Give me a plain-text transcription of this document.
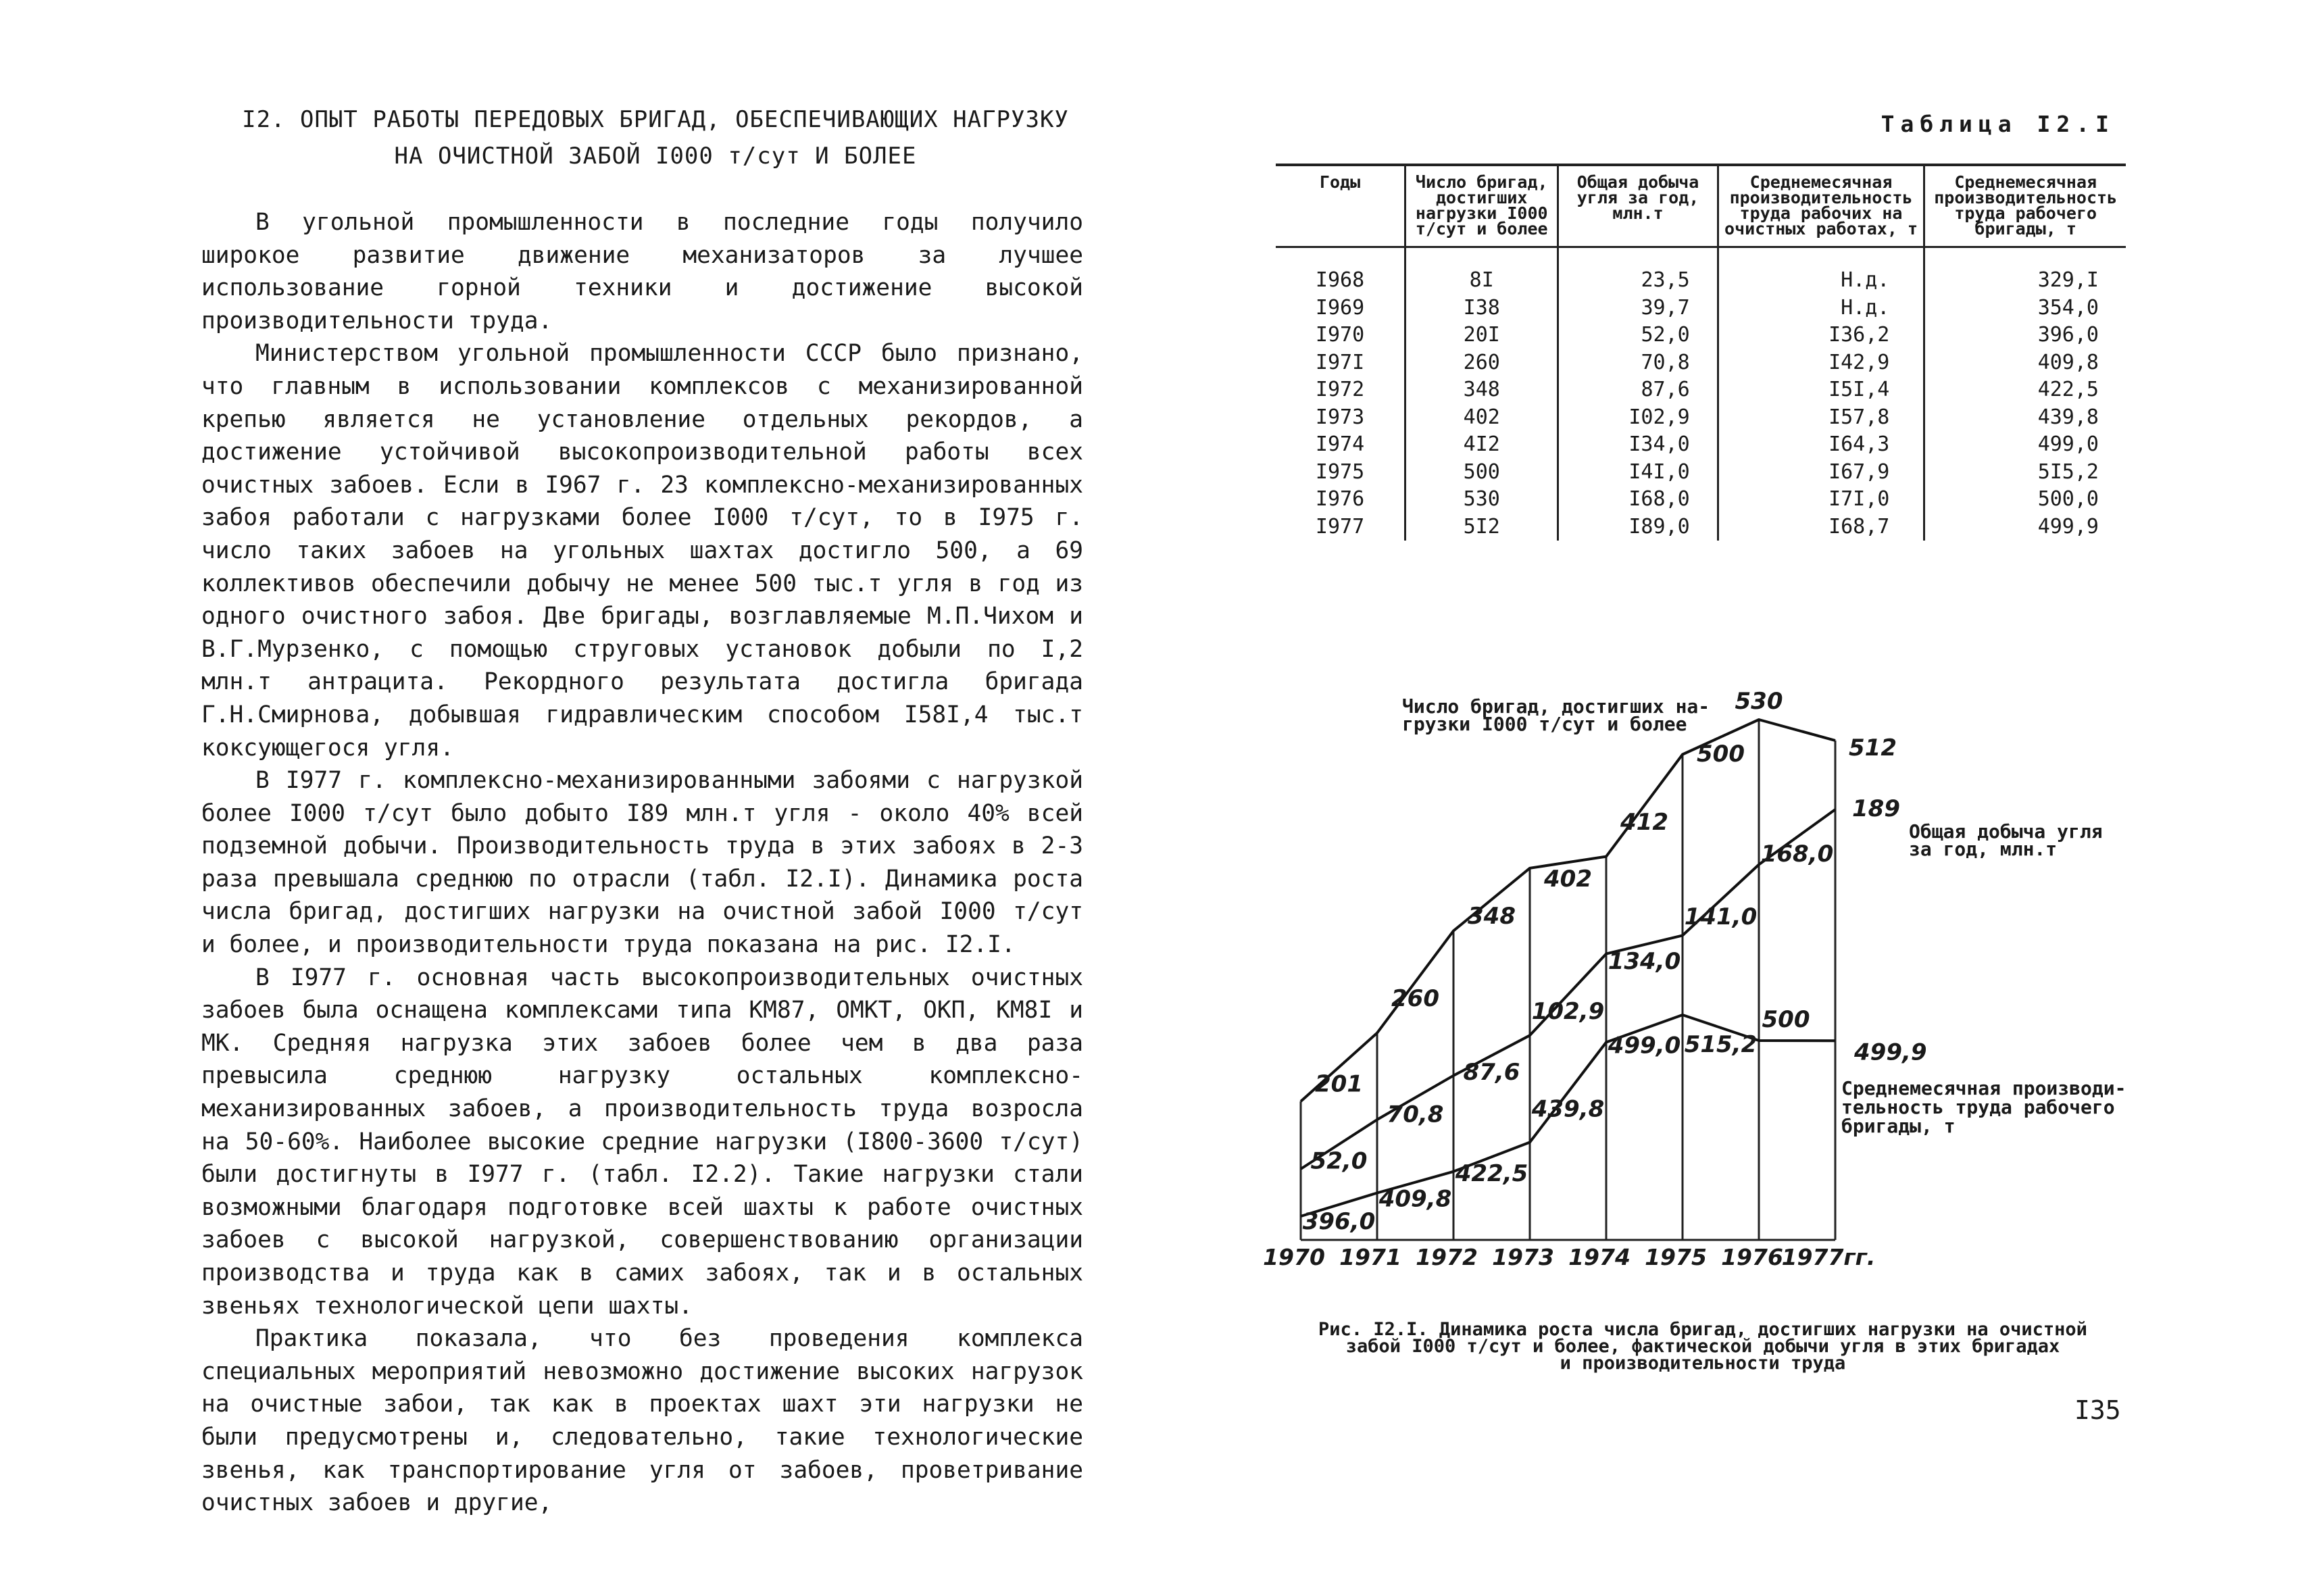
I2. ОПЫТ РАБОТЫ ПЕРЕДОВЫХ БРИГАД, ОБЕСПЕЧИВАЮЩИХ НАГРУЗКУ
НА ОЧИСТНОЙ ЗАБОЙ I000 т/сут И БОЛЕЕ

В угольной промышленности в последние годы получило широкое развитие движение механизаторов за лучшее использование горной техники и достижение высокой производительности труда.

Министерством угольной промышленности СССР было признано, что главным в использовании комплексов с механизированной крепью является не установление отдельных рекордов, а достижение устойчивой высокопроизводительной работы всех очистных забоев. Если в I967 г. 23 комплексно-механизированных забоя работали с нагрузками более I000 т/сут, то в I975 г. число таких забоев на угольных шахтах достигло 500, а 69 коллективов обеспечили добычу не менее 500 тыс.т угля в год из одного очистного забоя. Две бригады, возглавляемые М.П.Чихом и В.Г.Мурзенко, с помощью струговых установок добыли по I,2 млн.т антрацита. Рекордного результата достигла бригада Г.Н.Смирнова, добывшая гидравлическим способом I58I,4 тыс.т коксующегося угля.

В I977 г. комплексно-механизированными забоями с нагрузкой более I000 т/сут было добыто I89 млн.т угля - около 40% всей подземной добычи. Производительность труда в этих забоях в 2-3 раза превышала среднюю по отрасли (табл. I2.I). Динамика роста числа бригад, достигших нагрузки на очистной забой I000 т/сут и более, и производительности труда показана на рис. I2.I.

В I977 г. основная часть высокопроизводительных очистных забоев была оснащена комплексами типа КМ87, ОМКТ, ОКП, КМ8I и МК. Средняя нагрузка этих забоев более чем в два раза превысила среднюю нагрузку остальных комплексно-механизированных забоев, а производительность труда возросла на 50-60%. Наиболее высокие средние нагрузки (I800-3600 т/сут) были достигнуты в I977 г. (табл. I2.2). Такие нагрузки стали возможными благодаря подготовке всей шахты к работе очистных забоев с высокой нагрузкой, совершенствованию организации производства и труда как в самих забоях, так и в остальных звеньях технологической цепи шахты.

Практика показала, что без проведения комплекса специальных мероприятий невозможно достижение высоких нагрузок на очистные забои, так как в проектах шахт эти нагрузки не были предусмотрены и, следовательно, такие технологические звенья, как транспортирование угля от забоев, проветривание очистных забоев и другие,

Таблица I2.I
Годы	Число бригад, достигших нагрузки I000 т/сут и более	Общая добыча угля за год, млн.т	Среднемесячная производительность труда рабочих на очистных работах, т	Среднемесячная производительность труда рабочего бригады, т
I968	8I	23,5	Н.д.	329,I
I969	I38	39,7	Н.д.	354,0
I970	20I	52,0	I36,2	396,0
I97I	260	70,8	I42,9	409,8
I972	348	87,6	I5I,4	422,5
I973	402	I02,9	I57,8	439,8
I974	4I2	I34,0	I64,3	499,0
I975	500	I4I,0	I67,9	5I5,2
I976	530	I68,0	I7I,0	500,0
I977	5I2	I89,0	I68,7	499,9
201
260
348
402
412
500
530
512
52,0
70,8
87,6
102,9
134,0
141,0
168,0
189
396,0
409,8
422,5
439,8
499,0 515,2
500
499,9
1970 1971 1972 1973 1974 1975 1976
1977гг.
Число бригад, достигших на-
грузки I000 т/сут и более
Общая добыча угля
за год, млн.т
Среднемесячная производи-
тельность труда рабочего
бригады, т
Рис. I2.I. Динамика роста числа бригад, достигших нагрузки на очистной
забой I000 т/сут и более, фактической добычи угля в этих бригадах
и производительности труда
I35
